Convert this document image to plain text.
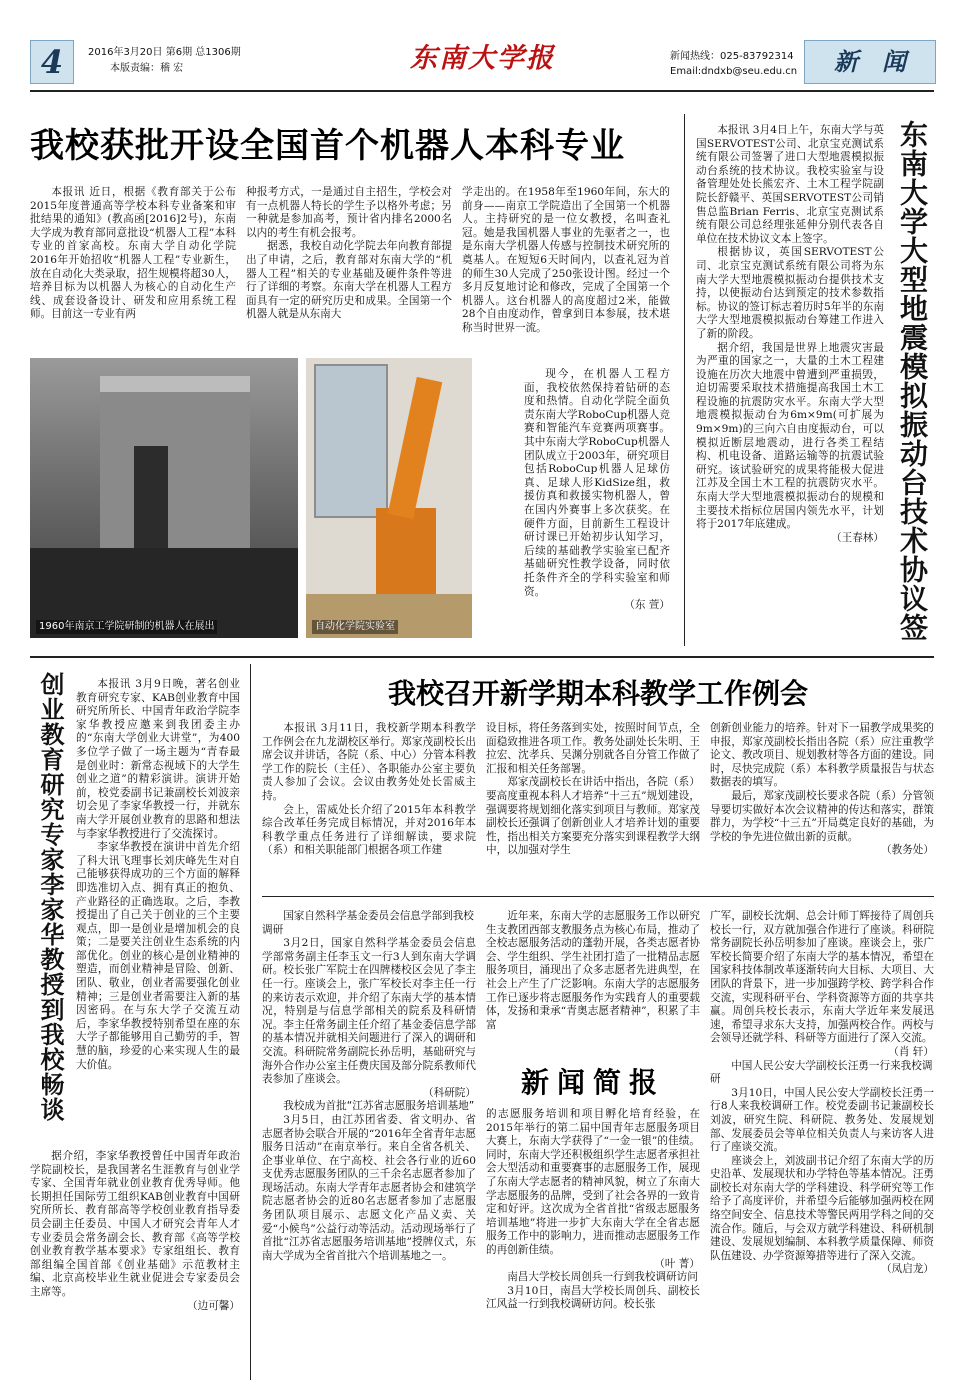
4	2016年3月20日 第6期 总1306期
本版责编：稽 宏	东南大学报	新闻热线：025-83792314
Email:dndxb@seu.edu.cn	新　闻
我校获批开设全国首个机器人本科专业

本报讯 近日，根据《教育部关于公布2015年度普通高等学校本科专业备案和审批结果的通知》(教高函[2016]2号)，东南大学成为教育部同意批设“机器人工程”本科专业的首家高校。东南大学自动化学院2016年开始招收“机器人工程”专业新生，放在自动化大类录取，招生规模将超30人，培养目标为以机器人为核心的自动化生产线、成套设备设计、研发和应用系统工程师。目前这一专业有两

种报考方式，一是通过自主招生，学校会对有一点机器人特长的学生予以格外考虑；另一种就是参加高考，预计省内排名2000名以内的考生有机会报考。

据悉，我校自动化学院去年向教育部提出了申请，之后，教育部对东南大学的“机器人工程”相关的专业基础及硬件条件等进行了详细的考察。东南大学在机器人工程方面具有一定的研究历史和成果。全国第一个机器人就是从东南大

学走出的。在1958年至1960年间，东大的前身——南京工学院造出了全国第一个机器人。主持研究的是一位女教授，名叫查礼冠。她是我国机器人事业的先驱者之一，也是东南大学机器人传感与控制技术研究所的奠基人。在短短6天时间内，以查礼冠为首的师生30人完成了250张设计图。经过一个多月反复地讨论和修改，完成了全国第一个机器人。这台机器人的高度超过2米，能做28个自由度动作，曾拿到日本参展，技术堪称当时世界一流。

1960年南京工学院研制的机器人在展出	自动化学院实验室

现今，在机器人工程方面，我校依然保持着钻研的态度和热情。自动化学院全面负责东南大学RoboCup机器人竞赛和智能汽车竞赛两项赛事。其中东南大学RoboCup机器人团队成立于2003年，研究项目包括RoboCup机器人足球仿真、足球人形KidSize组，救援仿真和救援实物机器人，曾在国内外赛事上多次获奖。在硬件方面，目前新生工程设计研讨课已开始初步认知学习，后续的基础教学实验室已配齐基础研究性教学设备，同时依托条件齐全的学科实验室和师资。

（东 萱）

本报讯 3月4日上午，东南大学与英国SERVOTEST公司、北京宝克测试系统有限公司签署了进口大型地震模拟振动台系统的技术协议。我校实验室与设备管理处处长熊宏齐、土木工程学院副院长舒赣平、英国SERVOTEST公司销售总监Brian Ferris、北京宝克测试系统有限公司总经理张延伸分别代表各自单位在技术协议文本上签字。

根据协议，英国SERVOTEST公司、北京宝克测试系统有限公司将为东南大学大型地震模拟振动台提供技术支持，以使振动台达到预定的技术参数指标。协议的签订标志着历时5年半的东南大学大型地震模拟振动台筹建工作进入了新的阶段。

据介绍，我国是世界上地震灾害最为严重的国家之一，大量的土木工程建设施在历次大地震中曾遭到严重损毁，迫切需要采取技术措施提高我国土木工程设施的抗震防灾水平。东南大学大型地震模拟振动台为6m×9m(可扩展为9m×9m)的三向六自由度振动台，可以模拟近断层地震动，进行各类工程结构、机电设备、道路运输等的抗震试验研究。该试验研究的成果将能极大促进江苏及全国土木工程的抗震防灾水平。东南大学大型地震模拟振动台的规模和主要技术指标位居国内领先水平，计划将于2017年底建成。

（王春林）

东南大学大型地震模拟振动台技术协议签
创业教育研究专家李家华教授到我校畅谈

本报讯 3月9日晚，著名创业教育研究专家、KAB创业教育中国研究所所长、中国青年政治学院李家华教授应邀来到我团委主办的“东南大学创业大讲堂”，为400多位学子做了一场主题为“青春最是创业时：新常态视域下的大学生创业之道”的精彩演讲。演讲开始前，校党委副书记兼副校长刘波亲切会见了李家华教授一行，并就东南大学开展创业教育的思路和想法与李家华教授进行了交流探讨。

李家华教授在演讲中首先介绍了科大讯飞理事长刘庆峰先生对自己能够获得成功的三个方面的解释即选准切入点、拥有真正的抱负、产业路径的正确选取。之后，李教授提出了自己关于创业的三个主要观点，即一是创业是增加机会的良策；二是要关注创业生态系统的内部优化。创业的核心是创业精神的塑造，而创业精神是冒险、创新、团队、敬业，创业者需要强化创业精神；三是创业者需要注入新的基因密码。在与东大学子交流互动后，李家华教授特别希望在座的东大学子都能够用自己勤劳的手，智慧的脑，珍爱的心来实现人生的最大价值。

据介绍，李家华教授曾任中国青年政治学院副校长，是我国著名生涯教育与创业学专家、全国青年就业创业教育优秀导师。他长期担任国际劳工组织KAB创业教育中国研究所所长、教育部高等学校创业教育指导委员会副主任委员、中国人才研究会青年人才专业委员会常务副会长、教育部《高等学校创业教育教学基本要求》专家组组长、教育部组编全国首部《创业基础》示范教材主编、北京高校毕业生就业促进会专家委员会主席等。

（边可馨）

我校召开新学期本科教学工作例会

本报讯 3月11日，我校新学期本科教学工作例会在九龙湖校区举行。郑家茂副校长出席会议并讲话，各院（系、中心）分管本科教学工作的院长（主任）、各职能办公室主要负责人参加了会议。会议由教务处处长雷威主持。

会上，雷威处长介绍了2015年本科教学综合改革任务完成目标情况，并对2016年本科教学重点任务进行了详细解读，要求院（系）和相关职能部门根据各项工作建

设目标，将任务落到实处，按照时间节点，全面稳致推进各项工作。教务处副处长朱明、王拉宏、沈孝兵、吴渊分别就各自分管工作做了汇报和相关任务部署。

郑家茂副校长在讲话中指出，各院（系）要高度重视本科人才培养“十三五”规划建设，强调要将规划细化落实到项目与教师。郑家茂副校长还强调了创新创业人才培养计划的重要性，指出相关方案要充分落实到课程教学大纲中，以加强对学生

创新创业能力的培养。针对下一届教学成果奖的申报，郑家茂副校长指出各院（系）应注重教学论文、教改项目、规划教材等各方面的建设。同时，尽快完成院（系）本科教学质量报告与状态数据表的填写。

最后，郑家茂副校长要求各院（系）分管领导要切实做好本次会议精神的传达和落实，群策群力，为学校“十三五”开局奠定良好的基础，为学校的争先进位做出新的贡献。

（教务处）

国家自然科学基金委员会信息学部到我校调研

3月2日，国家自然科学基金委员会信息学部常务副主任李玉文一行3人到东南大学调研。校长张广军院士在四牌楼校区会见了李主任一行。座谈会上，张广军校长对李主任一行的来访表示欢迎，并介绍了东南大学的基本情况，特别是与信息学部相关的院系及科研情况。李主任常务副主任介绍了基金委信息学部的基本情况并就相关问题进行了深入的调研和交流。科研院常务副院长孙岳明，基础研究与海外合作办公室主任费庆国及部分院系教师代表参加了座谈会。

（科研院）

我校成为首批“江苏省志愿服务培训基地”

3月5日，由江苏团省委、省文明办、省志愿者协会联合开展的“2016年全省青年志愿服务日活动”在南京举行。来自全省各机关、企事业单位、在宁高校、社会各行业的近60支优秀志愿服务团队的三千余名志愿者参加了现场活动。东南大学青年志愿者协会和建筑学院志愿者协会的近80名志愿者参加了志愿服务团队项目展示、志愿文化产品义卖、关爱“小候鸟”公益行动等活动。活动现场举行了首批“江苏省志愿服务培训基地”授牌仪式，东南大学成为全省首批六个培训基地之一。

近年来，东南大学的志愿服务工作以研究生支教团西部支教服务点为核心布局，推动了全校志愿服务活动的蓬勃开展，各类志愿者协会、学生组织、学生社团打造了一批精品志愿服务项目，涌现出了众多志愿者先进典型，在社会上产生了广泛影响。东南大学的志愿服务工作已逐步将志愿服务作为实践育人的重要载体，发扬和秉承“青奥志愿者精神”，积累了丰富

新闻简报

的志愿服务培训和项目孵化培育经验，在2015年举行的第二届中国青年志愿服务项目大赛上，东南大学获得了“一金一银”的佳绩。同时，东南大学还积极组织学生志愿者承担社会大型活动和重要赛事的志愿服务工作，展现了东南大学志愿者的精神风貌，树立了东南大学志愿服务的品牌，受到了社会各界的一致肯定和好评。这次成为全省首批“省级志愿服务培训基地”将进一步扩大东南大学在全省志愿服务工作中的影响力，进而推动志愿服务工作的再创新佳绩。

（叶 菁）

南昌大学校长周创兵一行到我校调研访问

3月10日，南昌大学校长周创兵、副校长江风益一行到我校调研访问。校长张

广军，副校长沈炯、总会计师丁辉接待了周创兵校长一行，双方就加强合作进行了座谈。科研院常务副院长孙岳明参加了座谈。座谈会上，张广军校长简要介绍了东南大学的基本情况，希望在国家科技体制改革逐渐转向大目标、大项目、大团队的背景下，进一步加强跨学校、跨学科合作交流，实现科研平台、学科资源等方面的共享共赢。周创兵校长表示，东南大学近年来发展迅速，希望寻求东大支持，加强两校合作。两校与会领导还就学科、科研等方面进行了深入交流。

（肖 轩）

中国人民公安大学副校长汪勇一行来我校调研

3月10日，中国人民公安大学副校长汪勇一行8人来我校调研工作。校党委副书记兼副校长刘波，研究生院、科研院、教务处、发展规划部、发展委员会等单位相关负责人与来访客人进行了座谈交流。

座谈会上，刘波副书记介绍了东南大学的历史沿革、发展现状和办学特色等基本情况。汪勇副校长对东南大学的学科建设、科学研究等工作给予了高度评价，并希望今后能够加强两校在网络空间安全、信息技术等警民两用学科之间的交流合作。随后，与会双方就学科建设、科研机制建设、发展规划编制、本科教学质量保障、师资队伍建设、办学资源筹措等进行了深入交流。

（凤启龙）
